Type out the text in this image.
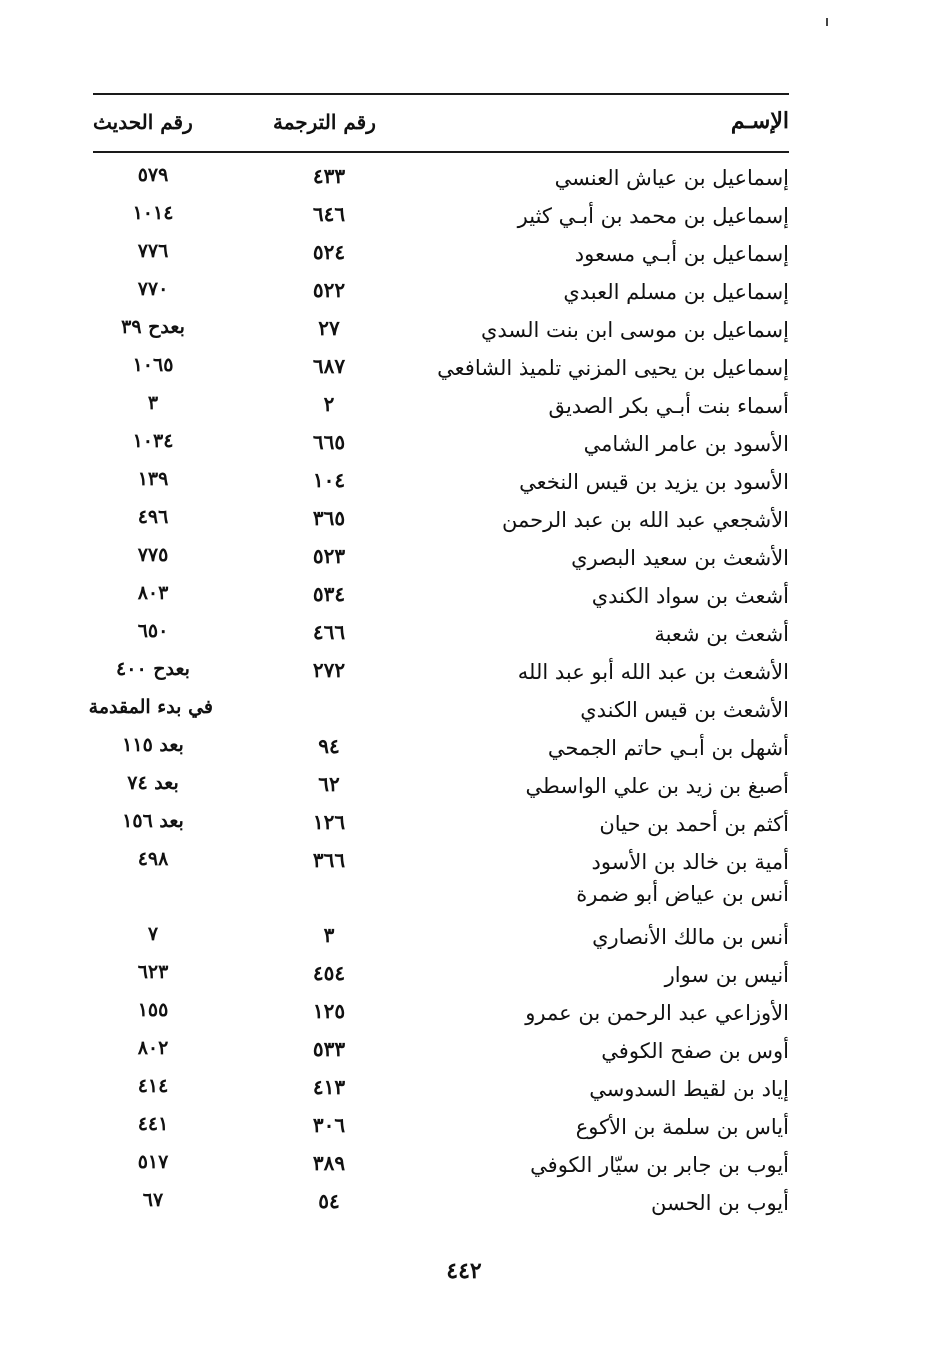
الإسـم
رقم الترجمة
رقم الحديث
إسماعيل بن عياش العنسي
٤٣٣
٥٧٩
إسماعيل بن محمد بن أبـي كثير
٦٤٦
١٠١٤
إسماعيل بن أبـي مسعود
٥٢٤
٧٧٦
إسماعيل بن مسلم العبدي
٥٢٢
٧٧٠
إسماعيل بن موسى ابن بنت السدي
٢٧
بعدح ٣٩
إسماعيل بن يحيى المزني تلميذ الشافعي
٦٨٧
١٠٦٥
أسماء بنت أبـي بكر الصديق
٢
٣
الأسود بن عامر الشامي
٦٦٥
١٠٣٤
الأسود بن يزيد بن قيس النخعي
١٠٤
١٣٩
الأشجعي عبد الله بن عبد الرحمن
٣٦٥
٤٩٦
الأشعث بن سعيد البصري
٥٢٣
٧٧٥
أشعث بن سواد الكندي
٥٣٤
٨٠٣
أشعث بن شعبة
٤٦٦
٦٥٠
الأشعث بن عبد الله أبو عبد الله
٢٧٢
بعدح ٤٠٠
الأشعث بن قيس الكندي
في بدء المقدمة
أشهل بن أبـي حاتم الجمحي
٩٤
بعد ١١٥
أصبغ بن زيد بن علي الواسطي
٦٢
بعد ٧٤
أكثم بن أحمد بن حيان
١٢٦
بعد ١٥٦
أمية بن خالد بن الأسود
أنس بن عياض أبو ضمرة
٣٦٦
٤٩٨
أنس بن مالك الأنصاري
٣
٧
أنيس بن سوار
٤٥٤
٦٢٣
الأوزاعي عبد الرحمن بن عمرو
١٢٥
١٥٥
أوس بن صفح الكوفي
٥٣٣
٨٠٢
إياد بن لقيط السدوسي
٤١٣
٤١٤
أياس بن سلمة بن الأكوع
٣٠٦
٤٤١
أيوب بن جابر بن سيّار الكوفي
٣٨٩
٥١٧
أيوب بن الحسن
٥٤
٦٧
٤٤٢
